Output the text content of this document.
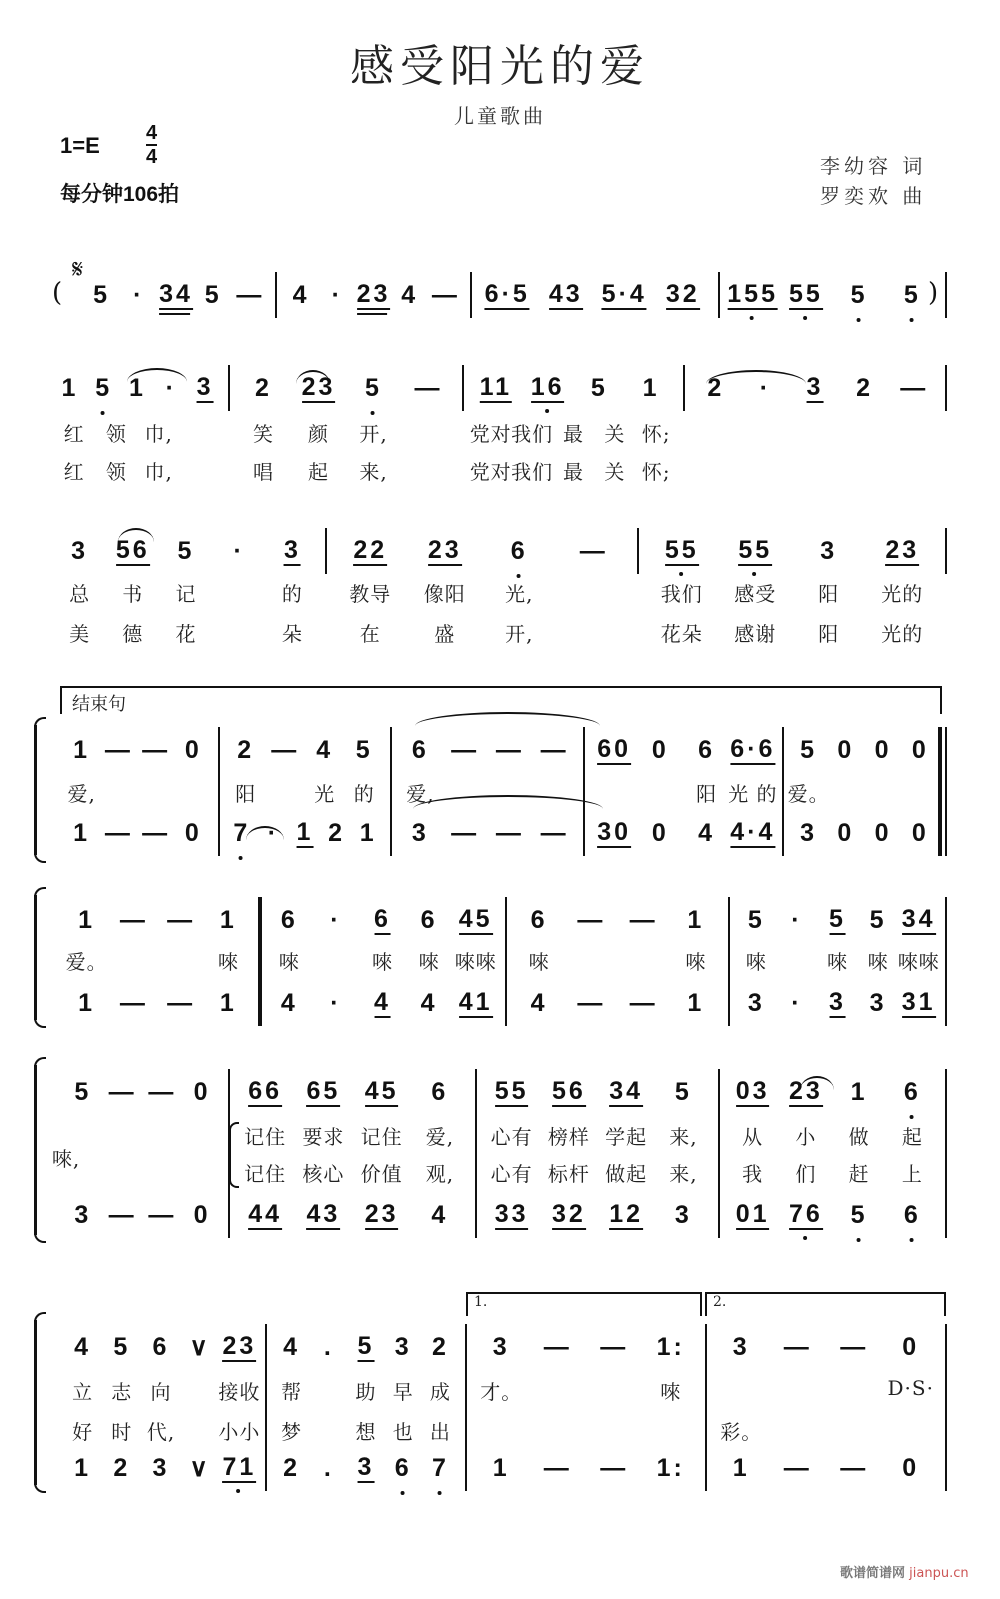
感受阳光的爱
儿童歌曲
1=E 4
4
每分钟106拍
李幼容 词
罗奕欢 曲
𝄋
(	)
结束句
1.	2.
唻,
歌谱简谱网 jianpu.cn
5 · 34 5 — 4 · 23 4 — 6·5 43 5·4 32 155 55 5 5
1 5 1 · 3 2 23 5 — 11 16 5 1 2 · 3 2 —
红 领 巾,	笑 颜 开,	党对 我们 最 关 怀;
红 领 巾,	唱 起 来,	党对 我们 最 关 怀;
3 56 5 · 3 22 23 6 — 55 55 3 23
总 书 记	的 教导 像阳 光,	我们 感受 阳 光的
美 德 花	朵	在	盛 开,	花朵 感谢 阳 光的
1 — — 0 2 — 4 5 6 — — — 60 0 6 6·6 5 0 0 0
1 — — 0 7 · 1 2 1 3 — — — 30 0 4 4·4 3 0 0 0
爱,	阳	光 的 爱,	阳 光 的 爱。
1 — — 1 6 · 6 6 45 6 — — 1 5 · 5 5 34
1 — — 1 4 · 4 4 41 4 — — 1 3 · 3 3 31
爱。	唻 唻	唻 唻 唻唻 唻	唻 唻	唻 唻 唻唻
5 — — 0 66 65 45 6 55 56 34 5 03 23 1 6
3 — — 0 44 43 23 4 33 32 12 3 01 76 5 6
记住 要求 记住 爱, 心有 榜样 学起 来, 从 小 做 起
记住 核心 价值 观, 心有 标杆 做起 来, 我 们 赶 上
4 5 6 ∨ 23 4 . 5 3 2 3 — — 1: 3 — — 0
1 2 3 ∨ 71 2 . 3 6 7 1 — — 1: 1 — — 0
立 志 向 接收 帮	助 早 成 才。	唻	D·S·
好 时 代, 小小 梦	想 也 出	彩。
